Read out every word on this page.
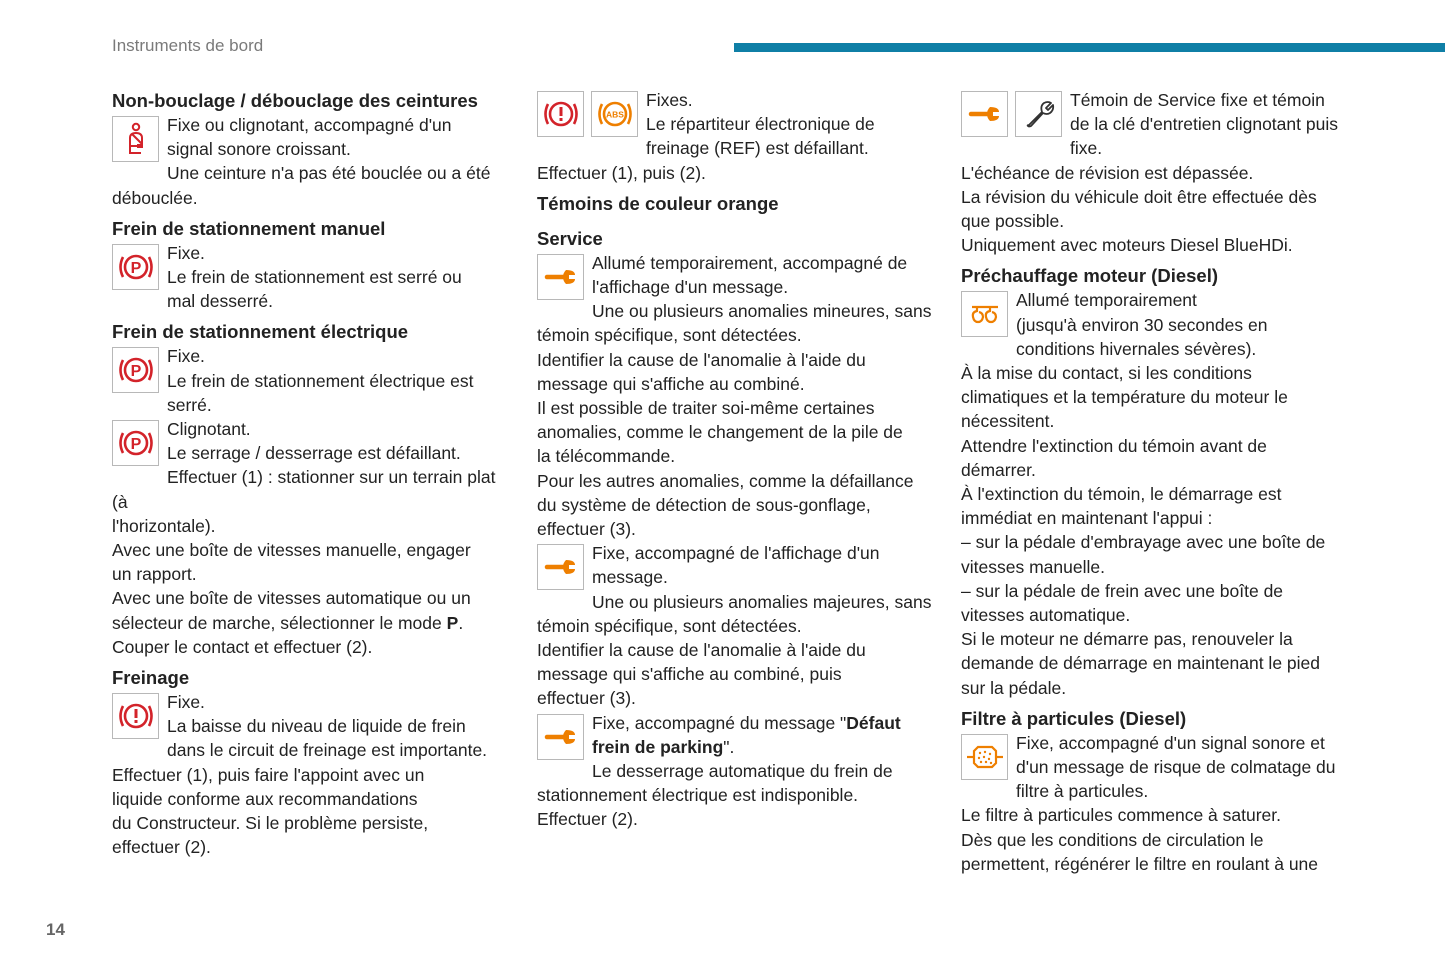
Instruments de bord
Non-bouclage / débouclage des ceintures

Fixe ou clignotant, accompagné d'un

signal sonore croissant.

Une ceinture n'a pas été bouclée ou a été

débouclée.

Frein de stationnement manuel
P

Fixe.

Le frein de stationnement est serré ou

mal desserré.

Frein de stationnement électrique
P

Fixe.

Le frein de stationnement électrique est

serré.

P

Clignotant.

Le serrage / desserrage est défaillant.

Effectuer (1) : stationner sur un terrain plat (à

l'horizontale).

Avec une boîte de vitesses manuelle, engager

un rapport.

Avec une boîte de vitesses automatique ou un

sélecteur de marche, sélectionner le mode P.

Couper le contact et effectuer (2).

Freinage

Fixe.

La baisse du niveau de liquide de frein

dans le circuit de freinage est importante.

Effectuer (1), puis faire l'appoint avec un

liquide conforme aux recommandations

du Constructeur. Si le problème persiste,

effectuer (2).

ABS

Fixes.

Le répartiteur électronique de

freinage (REF) est défaillant.

Effectuer (1), puis (2).

Témoins de couleur orange
Service

Allumé temporairement, accompagné de

l'affichage d'un message.

Une ou plusieurs anomalies mineures, sans

témoin spécifique, sont détectées.

Identifier la cause de l'anomalie à l'aide du

message qui s'affiche au combiné.

Il est possible de traiter soi-même certaines

anomalies, comme le changement de la pile de

la télécommande.

Pour les autres anomalies, comme la défaillance

du système de détection de sous-gonflage,

effectuer (3).

Fixe, accompagné de l'affichage d'un

message.

Une ou plusieurs anomalies majeures, sans

témoin spécifique, sont détectées.

Identifier la cause de l'anomalie à l'aide du

message qui s'affiche au combiné, puis

effectuer (3).

Fixe, accompagné du message "Défaut

frein de parking".

Le desserrage automatique du frein de

stationnement électrique est indisponible.

Effectuer (2).

Témoin de Service fixe et témoin

de la clé d'entretien clignotant puis

fixe.

L'échéance de révision est dépassée.

La révision du véhicule doit être effectuée dès

que possible.

Uniquement avec moteurs Diesel BlueHDi.

Préchauffage moteur (Diesel)

Allumé temporairement

(jusqu'à environ 30 secondes en

conditions hivernales sévères).

À la mise du contact, si les conditions

climatiques et la température du moteur le

nécessitent.

Attendre l'extinction du témoin avant de

démarrer.

À l'extinction du témoin, le démarrage est

immédiat en maintenant l'appui :

– sur la pédale d'embrayage avec une boîte de

vitesses manuelle.

– sur la pédale de frein avec une boîte de

vitesses automatique.

Si le moteur ne démarre pas, renouveler la

demande de démarrage en maintenant le pied

sur la pédale.

Filtre à particules (Diesel)

Fixe, accompagné d'un signal sonore et

d'un message de risque de colmatage du

filtre à particules.

Le filtre à particules commence à saturer.

Dès que les conditions de circulation le

permettent, régénérer le filtre en roulant à une

14
